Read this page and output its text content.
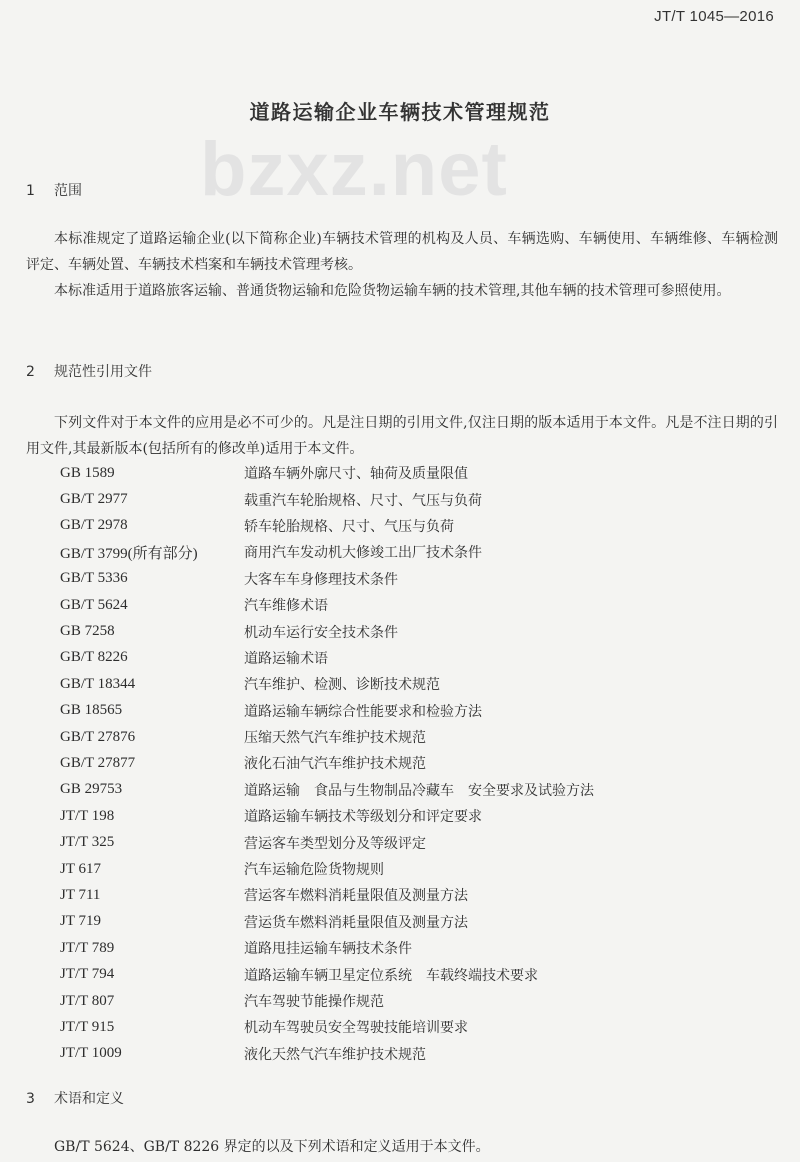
JT/T 1045—2016
道路运输企业车辆技术管理规范
bzxz.net
1 范围
本标准规定了道路运输企业(以下简称企业)车辆技术管理的机构及人员、车辆选购、车辆使用、车辆维修、车辆检测评定、车辆处置、车辆技术档案和车辆技术管理考核。
本标准适用于道路旅客运输、普通货物运输和危险货物运输车辆的技术管理,其他车辆的技术管理可参照使用。
2 规范性引用文件
下列文件对于本文件的应用是必不可少的。凡是注日期的引用文件,仅注日期的版本适用于本文件。凡是不注日期的引用文件,其最新版本(包括所有的修改单)适用于本文件。
GB 1589	道路车辆外廓尺寸、轴荷及质量限值
GB/T 2977	载重汽车轮胎规格、尺寸、气压与负荷
GB/T 2978	轿车轮胎规格、尺寸、气压与负荷
GB/T 3799(所有部分)	商用汽车发动机大修竣工出厂技术条件
GB/T 5336	大客车车身修理技术条件
GB/T 5624	汽车维修术语
GB 7258	机动车运行安全技术条件
GB/T 8226	道路运输术语
GB/T 18344	汽车维护、检测、诊断技术规范
GB 18565	道路运输车辆综合性能要求和检验方法
GB/T 27876	压缩天然气汽车维护技术规范
GB/T 27877	液化石油气汽车维护技术规范
GB 29753	道路运输　食品与生物制品冷藏车　安全要求及试验方法
JT/T 198	道路运输车辆技术等级划分和评定要求
JT/T 325	营运客车类型划分及等级评定
JT 617	汽车运输危险货物规则
JT 711	营运客车燃料消耗量限值及测量方法
JT 719	营运货车燃料消耗量限值及测量方法
JT/T 789	道路甩挂运输车辆技术条件
JT/T 794	道路运输车辆卫星定位系统　车载终端技术要求
JT/T 807	汽车驾驶节能操作规范
JT/T 915	机动车驾驶员安全驾驶技能培训要求
JT/T 1009	液化天然气汽车维护技术规范
3 术语和定义
GB/T 5624、GB/T 8226 界定的以及下列术语和定义适用于本文件。
